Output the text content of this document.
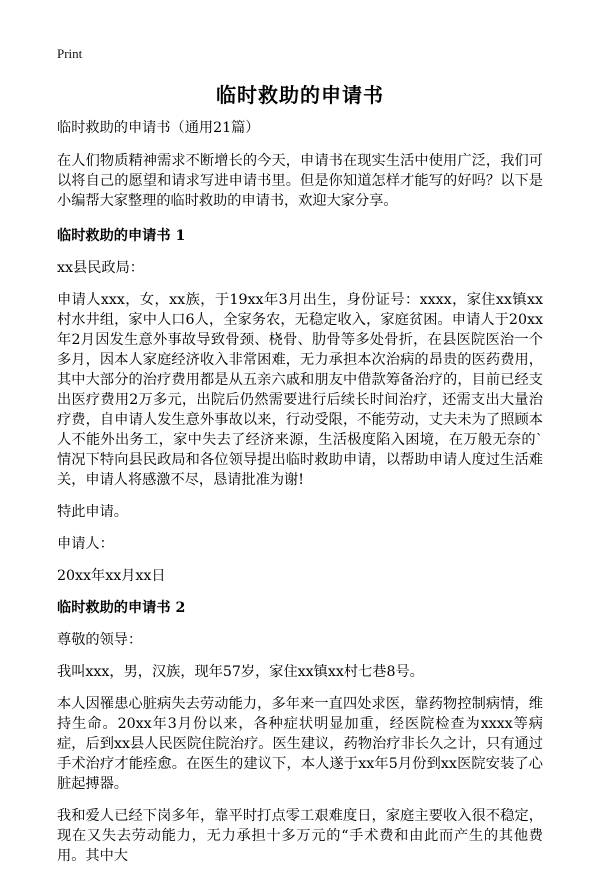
Print
临时救助的申请书

临时救助的申请书（通用21篇）

在人们物质精神需求不断增长的今天，申请书在现实生活中使用广泛，我们可以将自己的愿望和请求写进申请书里。但是你知道怎样才能写的好吗？以下是小编帮大家整理的临时救助的申请书，欢迎大家分享。

临时救助的申请书 1

xx县民政局：

申请人xxx，女，xx族，于19xx年3月出生，身份证号：xxxx，家住xx镇xx村水井组，家中人口6人，全家务农，无稳定收入，家庭贫困。申请人于20xx年2月因发生意外事故导致骨颈、桡骨、肋骨等多处骨折，在县医院医治一个多月，因本人家庭经济收入非常困难，无力承担本次治病的昂贵的医药费用，其中大部分的治疗费用都是从五亲六戚和朋友中借款筹备治疗的，目前已经支出医疗费用2万多元，出院后仍然需要进行后续长时间治疗，还需支出大量治疗费，自申请人发生意外事故以来，行动受限，不能劳动，丈夫未为了照顾本人不能外出务工，家中失去了经济来源，生活极度陷入困境，在万般无奈的`情况下特向县民政局和各位领导提出临时救助申请，以帮助申请人度过生活难关，申请人将感激不尽，恳请批准为谢!

特此申请。

申请人：

20xx年xx月xx日

临时救助的申请书 2

尊敬的领导：

我叫xxx，男，汉族，现年57岁，家住xx镇xx村七巷8号。

本人因罹患心脏病失去劳动能力，多年来一直四处求医，靠药物控制病情，维持生命。20xx年3月份以来，各种症状明显加重，经医院检查为xxxx等病症，后到xx县人民医院住院治疗。医生建议，药物治疗非长久之计，只有通过手术治疗才能痊愈。在医生的建议下，本人遂于xx年5月份到xx医院安装了心脏起搏器。

我和爱人已经下岗多年，靠平时打点零工艰难度日，家庭主要收入很不稳定，现在又失去劳动能力，无力承担十多万元的“手术费和由此而产生的其他费用。其中大
